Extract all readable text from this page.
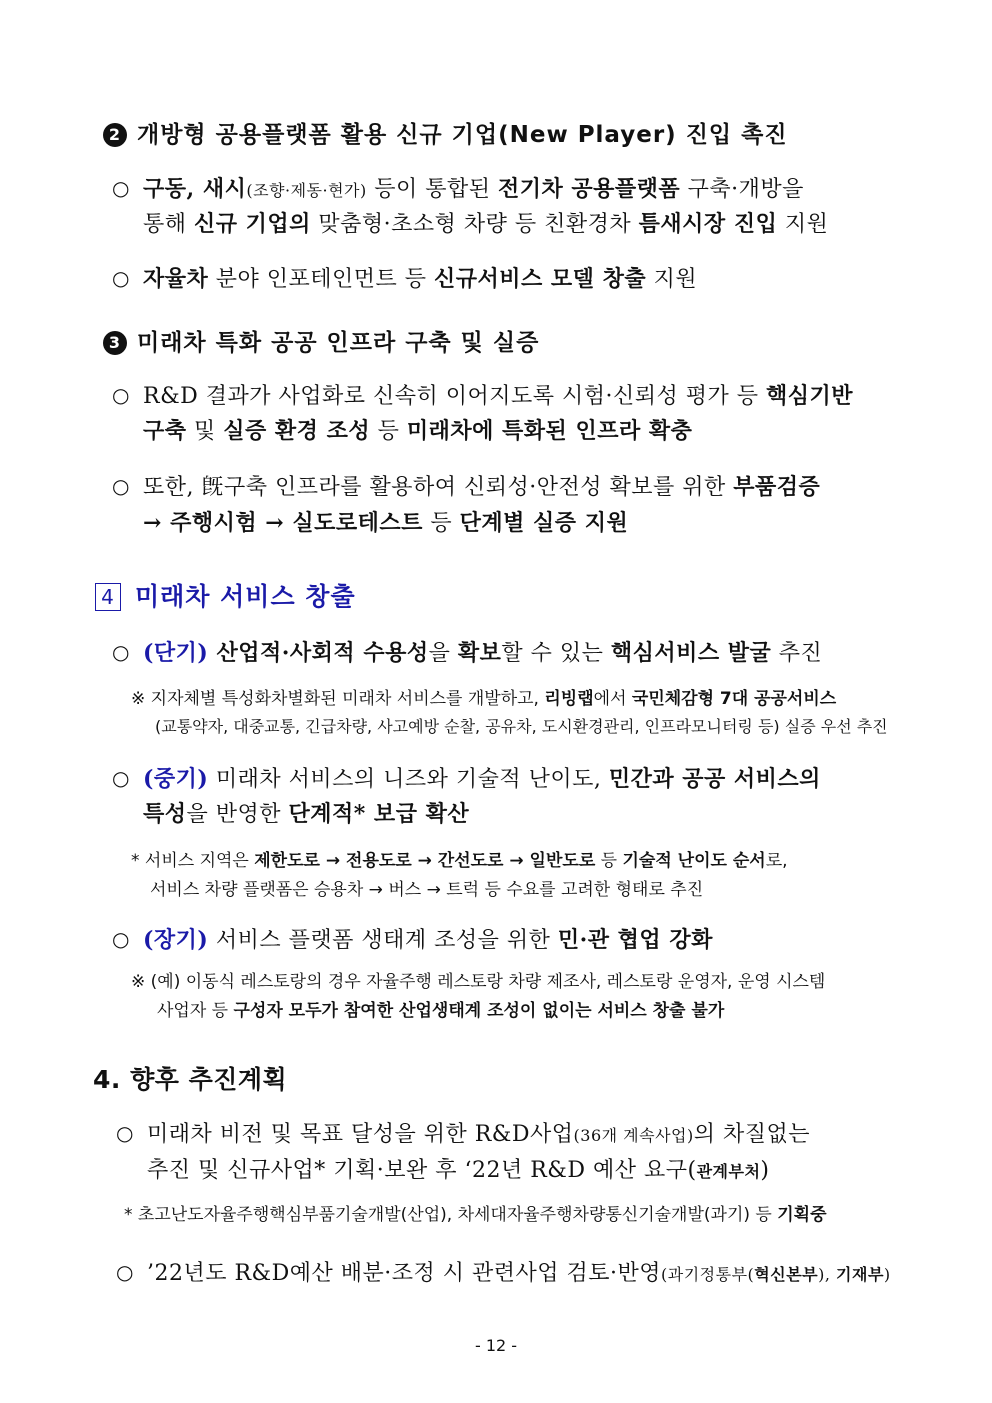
2 개방형 공용플랫폼 활용 신규 기업(New Player) 진입 촉진
○ 구동, 새시(조향·제동·현가) 등이 통합된 전기차 공용플랫폼 구축·개방을
통해 신규 기업의 맞춤형·초소형 차량 등 친환경차 틈새시장 진입 지원
○ 자율차 분야 인포테인먼트 등 신규서비스 모델 창출 지원
3 미래차 특화 공공 인프라 구축 및 실증
○ R&D 결과가 사업화로 신속히 이어지도록 시험·신뢰성 평가 등 핵심기반
구축 및 실증 환경 조성 등 미래차에 특화된 인프라 확충
○ 또한, 旣구축 인프라를 활용하여 신뢰성·안전성 확보를 위한 부품검증
→ 주행시험 → 실도로테스트 등 단계별 실증 지원
4 미래차 서비스 창출
○ (단기) 산업적·사회적 수용성을 확보할 수 있는 핵심서비스 발굴 추진
※ 지자체별 특성화차별화된 미래차 서비스를 개발하고, 리빙랩에서 국민체감형 7대 공공서비스
(교통약자, 대중교통, 긴급차량, 사고예방 순찰, 공유차, 도시환경관리, 인프라모니터링 등) 실증 우선 추진
○ (중기) 미래차 서비스의 니즈와 기술적 난이도, 민간과 공공 서비스의
특성을 반영한 단계적* 보급 확산
* 서비스 지역은 제한도로 → 전용도로 → 간선도로 → 일반도로 등 기술적 난이도 순서로,
서비스 차량 플랫폼은 승용차 → 버스 → 트럭 등 수요를 고려한 형태로 추진
○ (장기) 서비스 플랫폼 생태계 조성을 위한 민·관 협업 강화
※ (예) 이동식 레스토랑의 경우 자율주행 레스토랑 차량 제조사, 레스토랑 운영자, 운영 시스템
사업자 등 구성자 모두가 참여한 산업생태계 조성이 없이는 서비스 창출 불가
4. 향후 추진계획
○ 미래차 비전 및 목표 달성을 위한 R&D사업(36개 계속사업)의 차질없는
추진 및 신규사업* 기획·보완 후 ‘22년 R&D 예산 요구(관계부처)
* 초고난도자율주행핵심부품기술개발(산업), 차세대자율주행차량통신기술개발(과기) 등 기획중
○ ’22년도 R&D예산 배분·조정 시 관련사업 검토·반영(과기정통부(혁신본부), 기재부)
- 12 -
